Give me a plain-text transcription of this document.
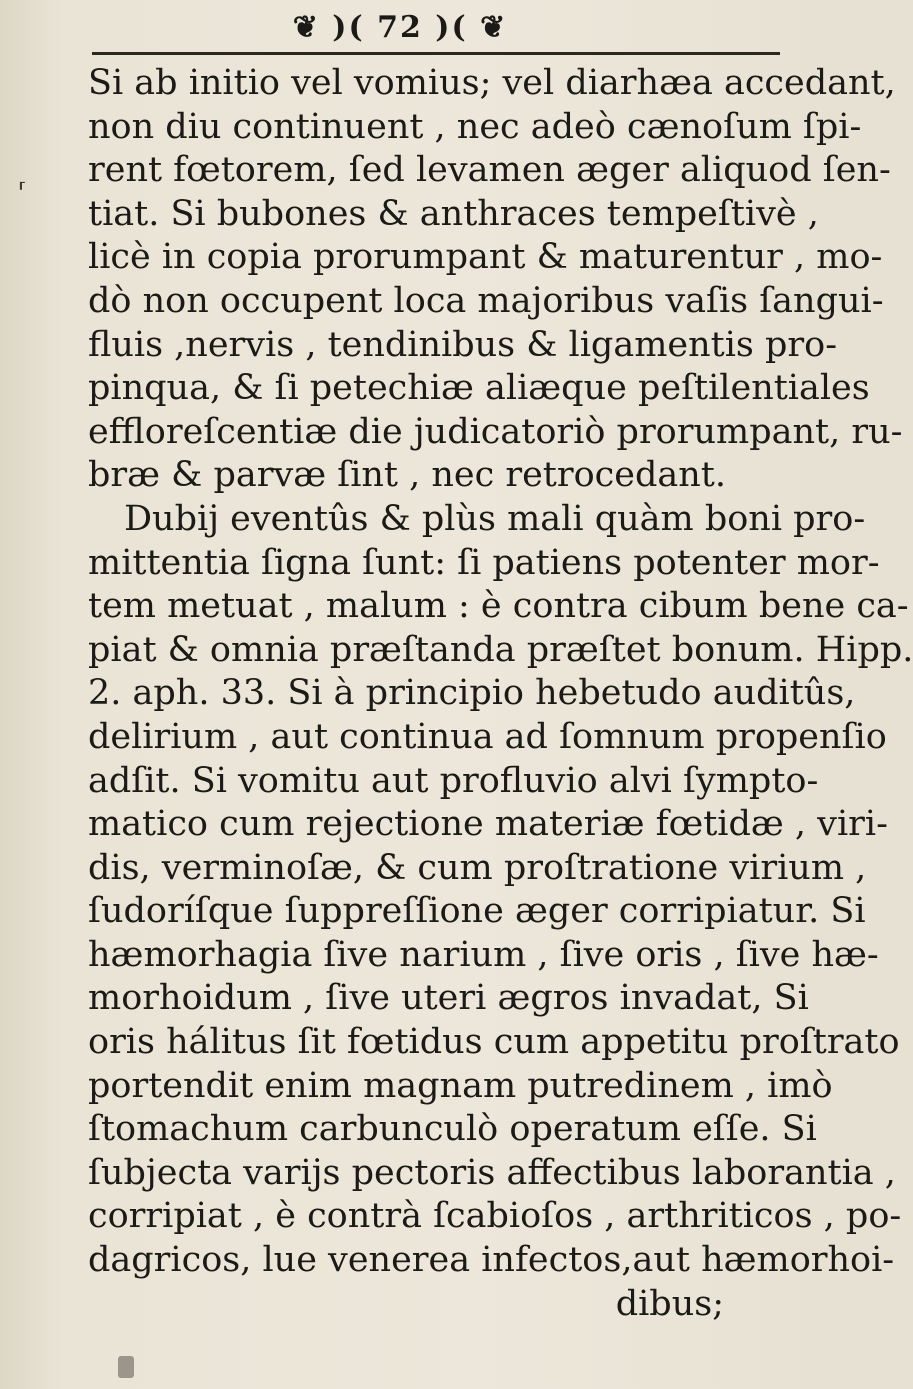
❦ )( 72 )( ❦
⸢
Si ab initio vel vomius; vel diarhæa accedant,
non diu continuent , nec adeò cænoſum ſpi-
rent fœtorem, ſed levamen æger aliquod ſen-
tiat. Si bubones & anthraces tempeſtivè ,
licè in copia prorumpant & maturentur , mo-
dò non occupent loca majoribus vaſis ſangui-
fluis ,nervis , tendinibus & ligamentis pro-
pinqua, & ſi petechiæ aliæque peſtilentiales
effloreſcentiæ die judicatoriò prorumpant, ru-
bræ & parvæ ſint , nec retrocedant.
Dubij eventûs & plùs mali quàm boni pro-
mittentia ſigna ſunt: ſi patiens potenter mor-
tem metuat , malum : è contra cibum bene ca-
piat & omnia præſtanda præſtet bonum. Hipp.
2. aph. 33. Si à principio hebetudo auditûs,
delirium , aut continua ad ſomnum propenſio
adſit. Si vomitu aut profluvio alvi ſympto-
matico cum rejectione materiæ fœtidæ , viri-
dis, verminoſæ, & cum proſtratione virium ,
ſudoríſque ſuppreſſione æger corripiatur. Si
hæmorhagia ſive narium , ſive oris , ſive hæ-
morhoidum , ſive uteri ægros invadat, Si
oris hálitus ſit fœtidus cum appetitu proſtrato
portendit enim magnam putredinem , imò
ſtomachum carbunculò operatum eſſe. Si
ſubjecta varijs pectoris affectibus laborantia ,
corripiat , è contrà ſcabioſos , arthriticos , po-
dagricos, lue venerea infectos,aut hæmorhoi-
dibus;
